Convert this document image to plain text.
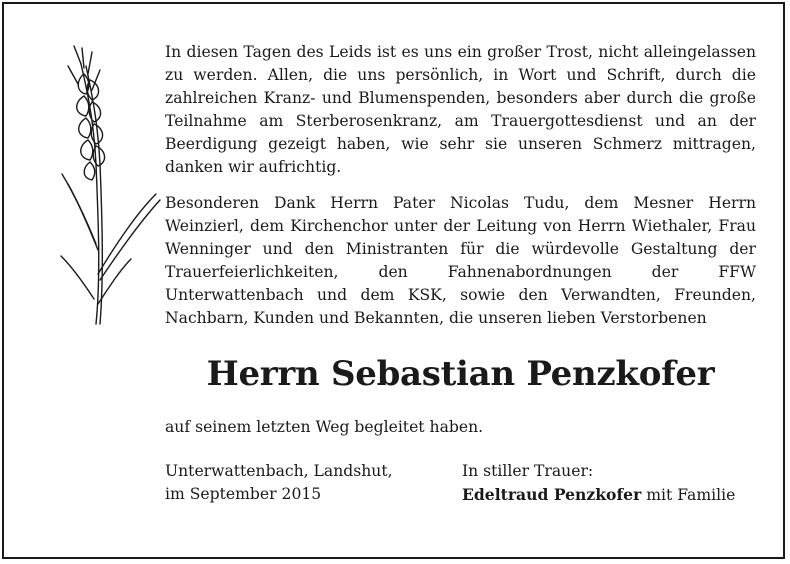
In diesen Tagen des Leids ist es uns ein großer Trost, nicht alleingelassen zu werden. Allen, die uns persönlich, in Wort und Schrift, durch die zahlreichen Kranz- und Blumenspenden, besonders aber durch die große Teilnahme am Sterberosenkranz, am Trauergottesdienst und an der Beerdigung gezeigt haben, wie sehr sie unseren Schmerz mittragen, danken wir aufrichtig.
Besonderen Dank Herrn Pater Nicolas Tudu, dem Mesner Herrn Weinzierl, dem Kirchenchor unter der Leitung von Herrn Wiethaler, Frau Wenninger und den Ministranten für die würdevolle Gestaltung der Trauerfeierlichkeiten, den Fahnenabordnungen der FFW Unterwattenbach und dem KSK, sowie den Verwandten, Freunden, Nachbarn, Kunden und Bekannten, die unseren lieben Verstorbenen
Herrn Sebastian Penzkofer
auf seinem letzten Weg begleitet haben.
Unterwattenbach, Landshut,
im September 2015
In stiller Trauer:
Edeltraud Penzkofer mit Familie
